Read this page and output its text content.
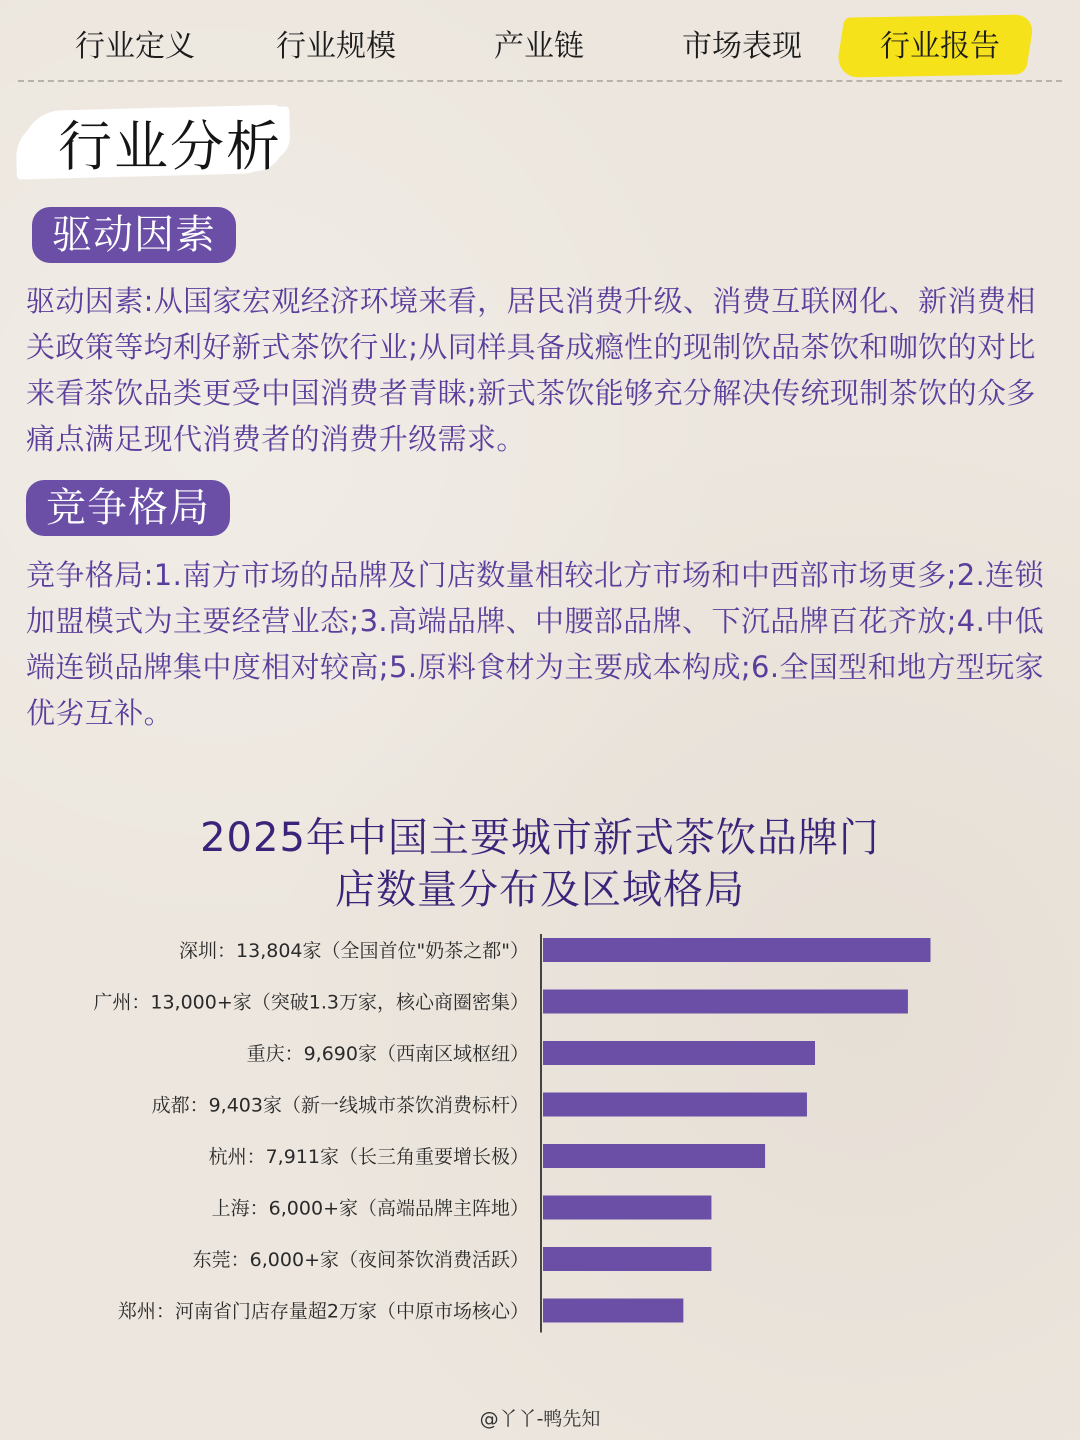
行业定义	行业规模	产业链	市场表现	行业报告
行业分析
驱动因素
驱动因素:从国家宏观经济环境来看，居民消费升级、消费互联网化、新消费相关政策等均利好新式茶饮行业;从同样具备成瘾性的现制饮品茶饮和咖饮的对比来看茶饮品类更受中国消费者青睐;新式茶饮能够充分解决传统现制茶饮的众多痛点满足现代消费者的消费升级需求。
竞争格局
竞争格局:1.南方市场的品牌及门店数量相较北方市场和中西部市场更多;2.连锁加盟模式为主要经营业态;3.高端品牌、中腰部品牌、下沉品牌百花齐放;4.中低端连锁品牌集中度相对较高;5.原料食材为主要成本构成;6.全国型和地方型玩家优劣互补。
2025年中国主要城市新式茶饮品牌门
店数量分布及区域格局
深圳：13,804家（全国首位"奶茶之都"）
广州：13,000+家（突破1.3万家，核心商圈密集）
重庆：9,690家（西南区域枢纽）
成都：9,403家（新一线城市茶饮消费标杆）
杭州：7,911家（长三角重要增长极）
上海：6,000+家（高端品牌主阵地）
东莞：6,000+家（夜间茶饮消费活跃）
郑州：河南省门店存量超2万家（中原市场核心）
@丫丫-鸭先知
